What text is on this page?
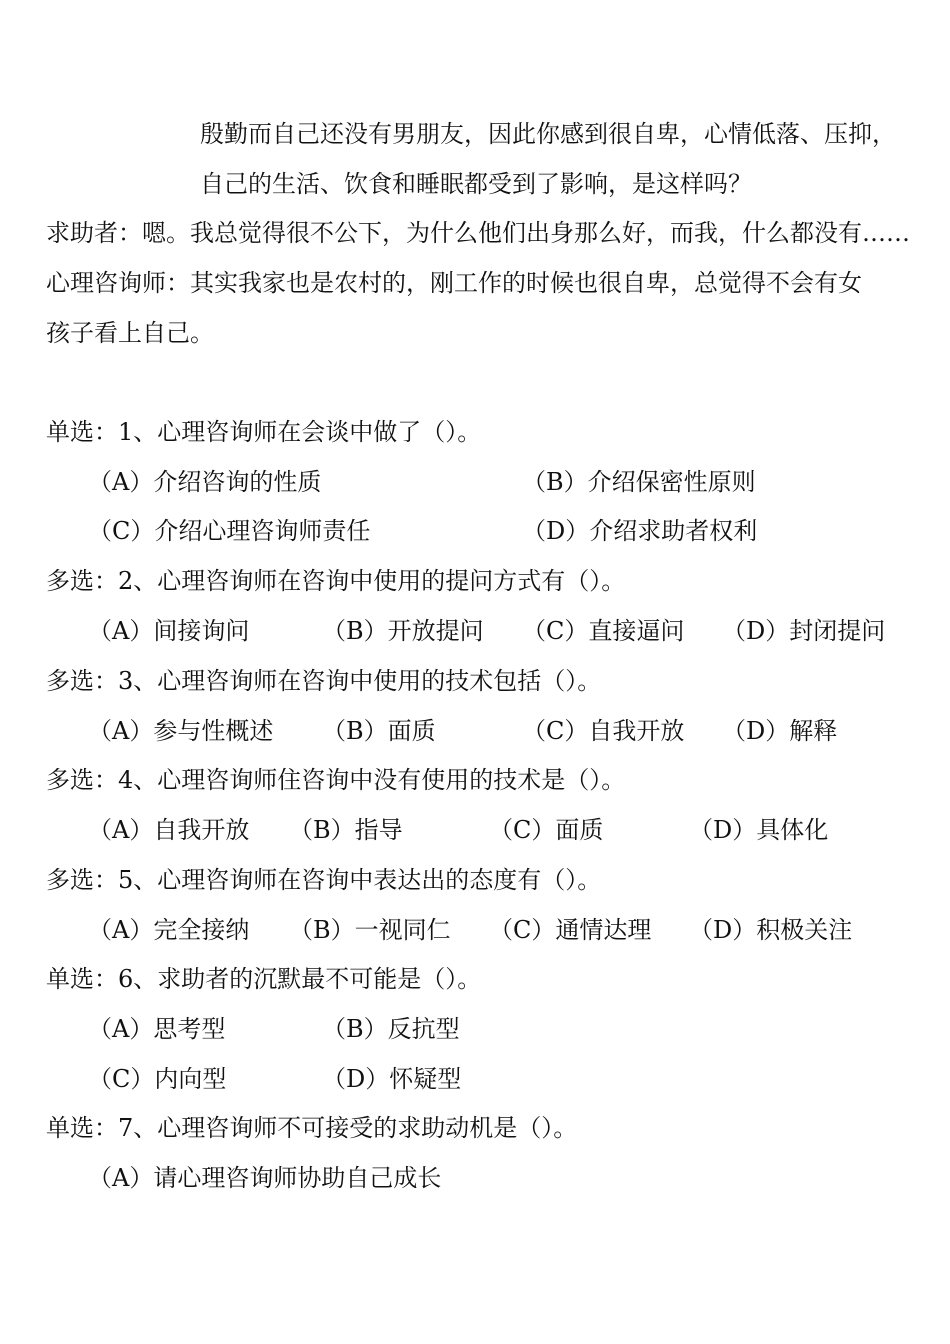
殷勤而自己还没有男朋友，因此你感到很自卑，心情低落、压抑，
自己的生活、饮食和睡眠都受到了影响，是这样吗？
求助者：嗯。我总觉得很不公下，为什么他们出身那么好，而我，什么都没有……
心理咨询师：其实我家也是农村的，刚工作的时候也很自卑，总觉得不会有女
孩子看上自己。
单选：1、心理咨询师在会谈中做了（）。
（A）介绍咨询的性质	（B）介绍保密性原则
（C）介绍心理咨询师责任	（D）介绍求助者权利
多选：2、心理咨询师在咨询中使用的提问方式有（）。
（A）间接询问	（B）开放提问 （C）直接逼问 （D）封闭提问
多选：3、心理咨询师在咨询中使用的技术包括（）。
（A）参与性概述 （B）面质	（C）自我开放 （D）解释
多选：4、心理咨询师住咨询中没有使用的技术是（）。
（A）自我开放 （B）指导	（C）面质	（D）具体化
多选：5、心理咨询师在咨询中表达出的态度有（）。
（A）完全接纳 （B）一视同仁 （C）通情达理 （D）积极关注
单选：6、求助者的沉默最不可能是（）。
（A）思考型	（B）反抗型
（C）内向型	（D）怀疑型
单选：7、心理咨询师不可接受的求助动机是（）。
（A）请心理咨询师协助自己成长
